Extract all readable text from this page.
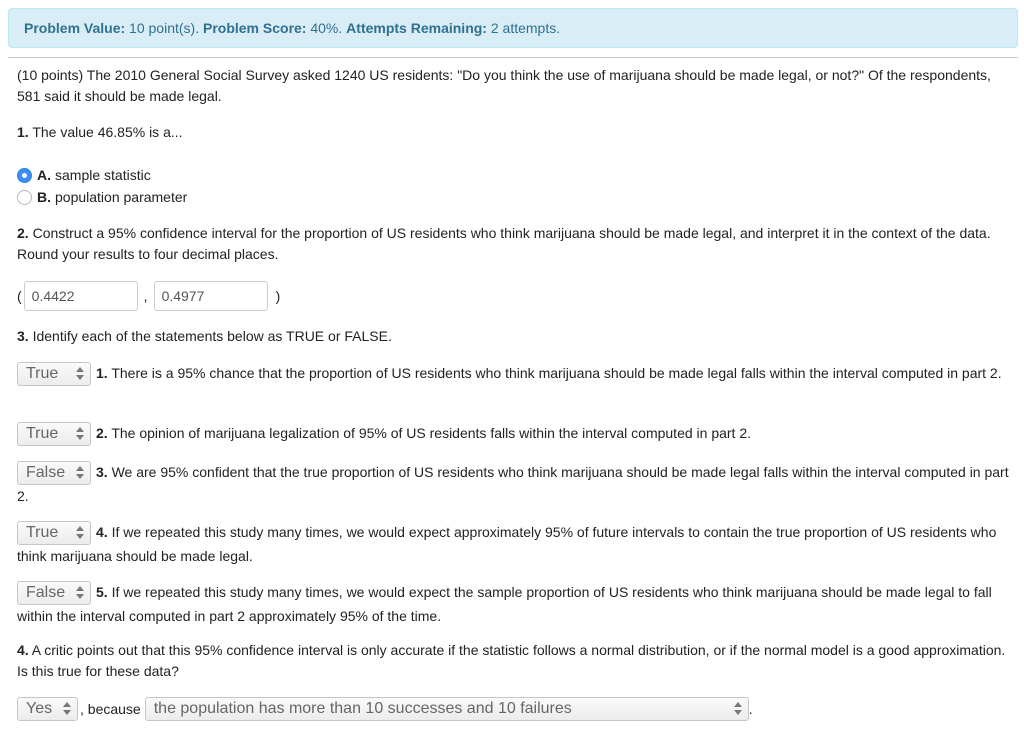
Problem Value: 10 point(s). Problem Score: 40%. Attempts Remaining: 2 attempts.
(10 points) The 2010 General Social Survey asked 1240 US residents: "Do you think the use of marijuana should be made legal, or not?" Of the respondents, 581 said it should be made legal.
1. The value 46.85% is a...
A. sample statistic
B. population parameter
2. Construct a 95% confidence interval for the proportion of US residents who think marijuana should be made legal, and interpret it in the context of the data. Round your results to four decimal places.
( 0.4422	,	0.4977	)
3. Identify each of the statements below as TRUE or FALSE.
True	1. There is a 95% chance that the proportion of US residents who think marijuana should be made legal falls within the interval computed in part 2.
True	2. The opinion of marijuana legalization of 95% of US residents falls within the interval computed in part 2.
False 3. We are 95% confident that the true proportion of US residents who think marijuana should be made legal falls within the interval computed in part 2.
True	4. If we repeated this study many times, we would expect approximately 95% of future intervals to contain the true proportion of US residents who think marijuana should be made legal.
False 5. If we repeated this study many times, we would expect the sample proportion of US residents who think marijuana should be made legal to fall within the interval computed in part 2 approximately 95% of the time.
4. A critic points out that this 95% confidence interval is only accurate if the statistic follows a normal distribution, or if the normal model is a good approximation. Is this true for these data?
Yes	, because the population has more than 10 successes and 10 failures	.
